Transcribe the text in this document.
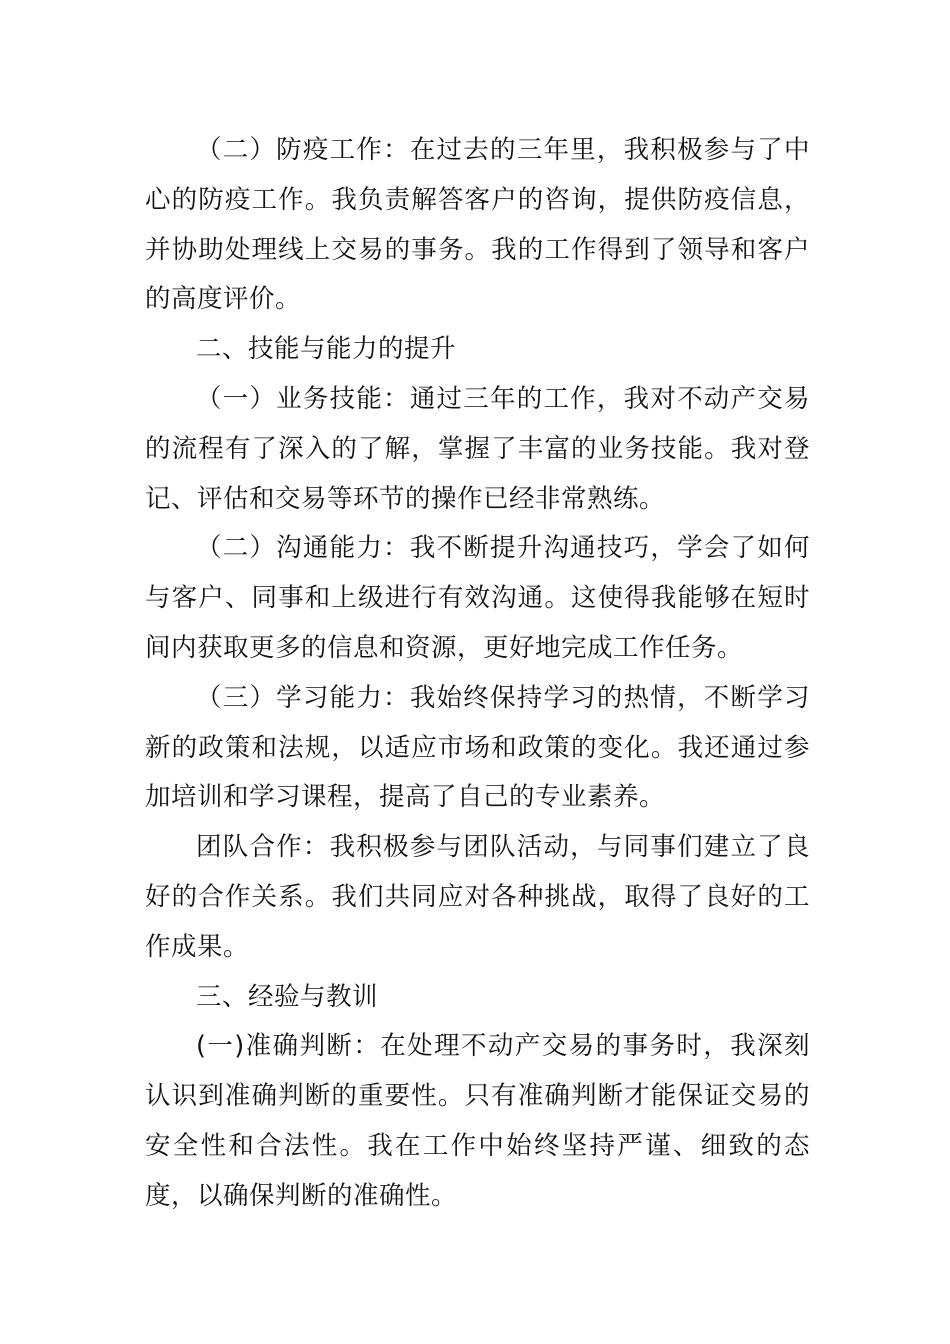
（二）防疫工作：在过去的三年里，我积极参与了中心的防疫工作。我负责解答客户的咨询，提供防疫信息，并协助处理线上交易的事务。我的工作得到了领导和客户的高度评价。

二、技能与能力的提升

（一）业务技能：通过三年的工作，我对不动产交易的流程有了深入的了解，掌握了丰富的业务技能。我对登记、评估和交易等环节的操作已经非常熟练。

（二）沟通能力：我不断提升沟通技巧，学会了如何与客户、同事和上级进行有效沟通。这使得我能够在短时间内获取更多的信息和资源，更好地完成工作任务。

（三）学习能力：我始终保持学习的热情，不断学习新的政策和法规，以适应市场和政策的变化。我还通过参加培训和学习课程，提高了自己的专业素养。

团队合作：我积极参与团队活动，与同事们建立了良好的合作关系。我们共同应对各种挑战，取得了良好的工作成果。

三、经验与教训

(一)准确判断：在处理不动产交易的事务时，我深刻认识到准确判断的重要性。只有准确判断才能保证交易的安全性和合法性。我在工作中始终坚持严谨、细致的态度，以确保判断的准确性。
